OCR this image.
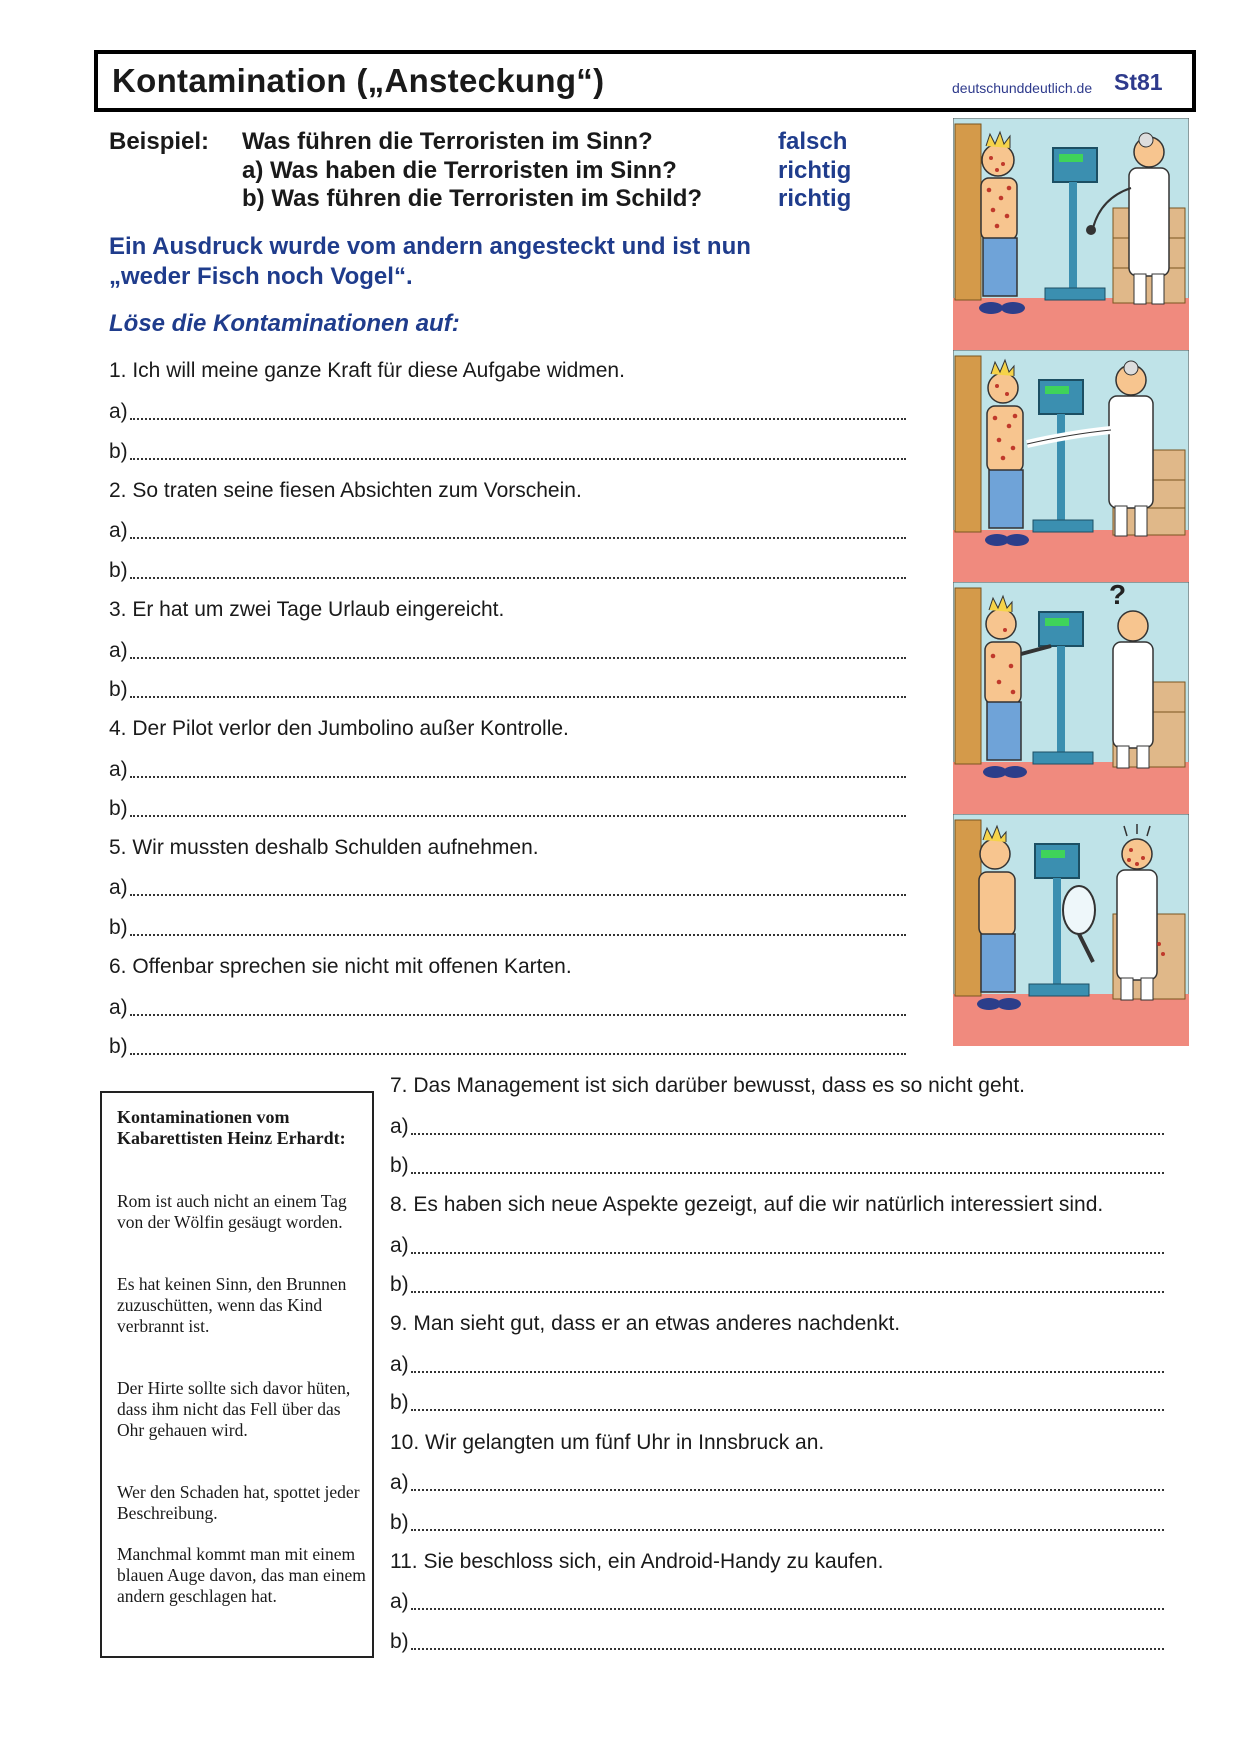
Kontamination („Ansteckung“)	deutschunddeutlich.de St81
Beispiel: Was führen die Terroristen im Sinn?	falsch
a) Was haben die Terroristen im Sinn?	richtig
b) Was führen die Terroristen im Schild?	richtig
Ein Ausdruck wurde vom andern angesteckt und ist nun
„weder Fisch noch Vogel“.
Löse die Kontaminationen auf:
1. Ich will meine ganze Kraft für diese Aufgabe widmen.
a)
b)
2. So traten seine fiesen Absichten zum Vorschein.
a)
b)
3. Er hat um zwei Tage Urlaub eingereicht.
a)
b)
4. Der Pilot verlor den Jumbolino außer Kontrolle.
a)
b)
5. Wir mussten deshalb Schulden aufnehmen.
a)
b)
6. Offenbar sprechen sie nicht mit offenen Karten.
a)
b)
7. Das Management ist sich darüber bewusst, dass es so nicht geht.
a)
b)
8. Es haben sich neue Aspekte gezeigt, auf die wir natürlich interessiert sind.
a)
b)
9. Man sieht gut, dass er an etwas anderes nachdenkt.
a)
b)
10. Wir gelangten um fünf Uhr in Innsbruck an.
a)
b)
11. Sie beschloss sich, ein Android-Handy zu kaufen.
a)
b)
Kontaminationen vom Kabarettisten Heinz Erhardt:
Rom ist auch nicht an einem Tag von der Wölfin gesäugt worden.
Es hat keinen Sinn, den Brunnen zuzuschütten, wenn das Kind verbrannt ist.
Der Hirte sollte sich davor hüten, dass ihm nicht das Fell über das Ohr gehauen wird.
Wer den Schaden hat, spottet jeder Beschreibung.
Manchmal kommt man mit einem blauen Auge davon, das man einem andern geschlagen hat.
?
